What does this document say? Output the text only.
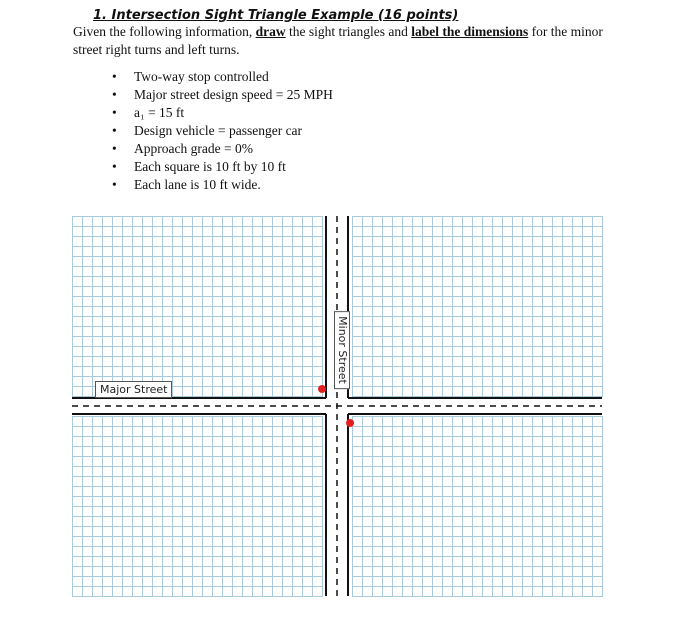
1. Intersection Sight Triangle Example (16 points)
Given the following information, draw the sight triangles and label the dimensions for the minor street right turns and left turns.
• Two-way stop controlled
• Major street design speed = 25 MPH
• a₁ = 15 ft
• Design vehicle = passenger car
• Approach grade = 0%
• Each square is 10 ft by 10 ft
• Each lane is 10 ft wide.
Major Street
Minor Street
